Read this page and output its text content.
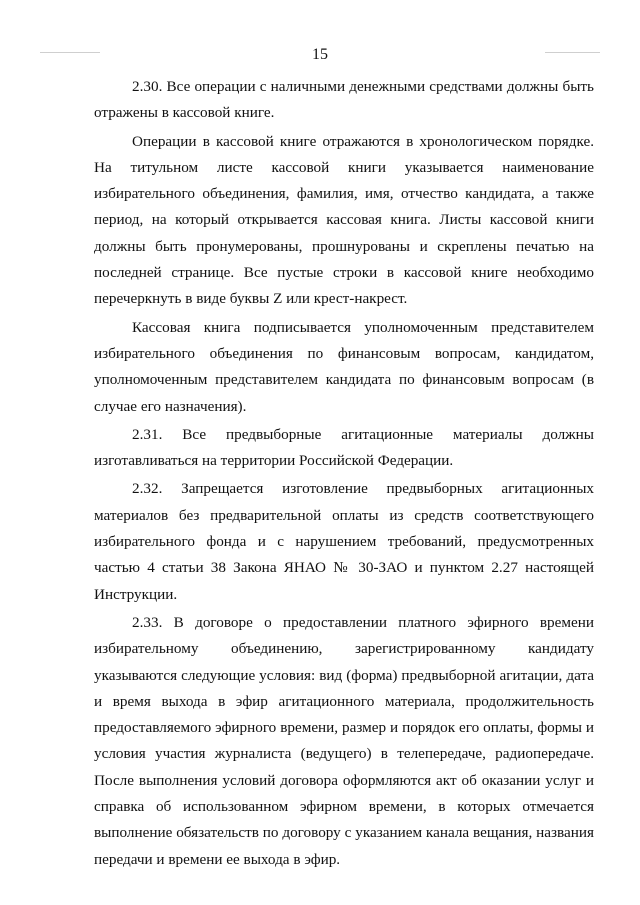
15

2.30. Все операции с наличными денежными средствами должны быть отражены в кассовой книге.

Операции в кассовой книге отражаются в хронологическом порядке. На титульном листе кассовой книги указывается наименование избирательного объединения, фамилия, имя, отчество кандидата, а также период, на который открывается кассовая книга. Листы кассовой книги должны быть пронумерованы, прошнурованы и скреплены печатью на последней странице. Все пустые строки в кассовой книге необходимо перечеркнуть в виде буквы Z или крест-накрест.

Кассовая книга подписывается уполномоченным представителем избирательного объединения по финансовым вопросам, кандидатом, уполномоченным представителем кандидата по финансовым вопросам (в случае его назначения).

2.31. Все предвыборные агитационные материалы должны изготавливаться на территории Российской Федерации.

2.32. Запрещается изготовление предвыборных агитационных материалов без предварительной оплаты из средств соответствующего избирательного фонда и с нарушением требований, предусмотренных частью 4 статьи 38 Закона ЯНАО № 30-ЗАО и пунктом 2.27 настоящей Инструкции.

2.33. В договоре о предоставлении платного эфирного времени избирательному объединению, зарегистрированному кандидату указываются следующие условия: вид (форма) предвыборной агитации, дата и время выхода в эфир агитационного материала, продолжительность предоставляемого эфирного времени, размер и порядок его оплаты, формы и условия участия журналиста (ведущего) в телепередаче, радиопередаче. После выполнения условий договора оформляются акт об оказании услуг и справка об использованном эфирном времени, в которых отмечается выполнение обязательств по договору с указанием канала вещания, названия передачи и времени ее выхода в эфир.
